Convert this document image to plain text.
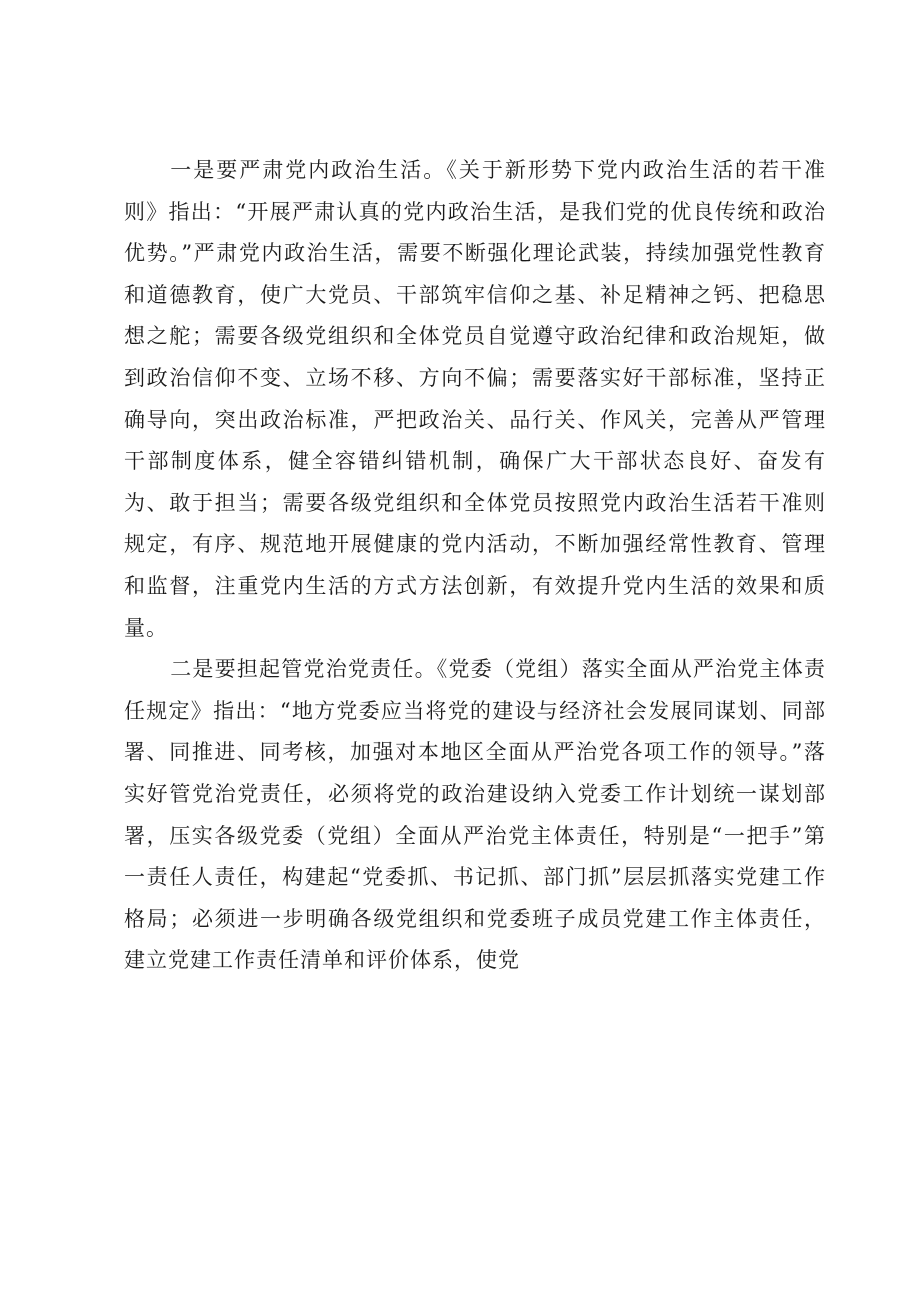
一是要严肃党内政治生活。《关于新形势下党内政治生活的若干准则》指出：“开展严肃认真的党内政治生活，是我们党的优良传统和政治优势。”严肃党内政治生活，需要不断强化理论武装，持续加强党性教育和道德教育，使广大党员、干部筑牢信仰之基、补足精神之钙、把稳思想之舵；需要各级党组织和全体党员自觉遵守政治纪律和政治规矩，做到政治信仰不变、立场不移、方向不偏；需要落实好干部标准，坚持正确导向，突出政治标准，严把政治关、品行关、作风关，完善从严管理干部制度体系，健全容错纠错机制，确保广大干部状态良好、奋发有为、敢于担当；需要各级党组织和全体党员按照党内政治生活若干准则规定，有序、规范地开展健康的党内活动，不断加强经常性教育、管理和监督，注重党内生活的方式方法创新，有效提升党内生活的效果和质量。

二是要担起管党治党责任。《党委（党组）落实全面从严治党主体责任规定》指出：“地方党委应当将党的建设与经济社会发展同谋划、同部署、同推进、同考核，加强对本地区全面从严治党各项工作的领导。”落实好管党治党责任，必须将党的政治建设纳入党委工作计划统一谋划部署，压实各级党委（党组）全面从严治党主体责任，特别是“一把手”第一责任人责任，构建起“党委抓、书记抓、部门抓”层层抓落实党建工作格局；必须进一步明确各级党组织和党委班子成员党建工作主体责任，建立党建工作责任清单和评价体系，使党
